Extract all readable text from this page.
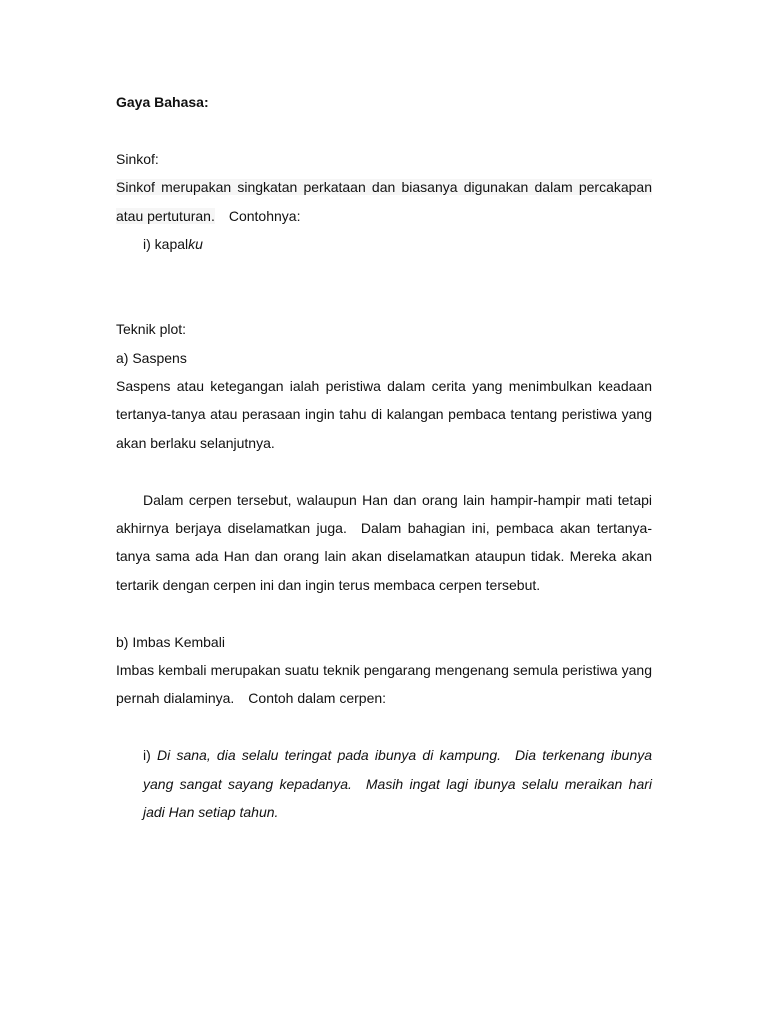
Gaya Bahasa:

Sinkof:

Sinkof merupakan singkatan perkataan dan biasanya digunakan dalam percakapan atau pertuturan. Contohnya:

i) kapalku

Teknik plot:

a) Saspens

Saspens atau ketegangan ialah peristiwa dalam cerita yang menimbulkan keadaan tertanya-tanya atau perasaan ingin tahu di kalangan pembaca tentang peristiwa yang akan berlaku selanjutnya.

Dalam cerpen tersebut, walaupun Han dan orang lain hampir-hampir mati tetapi akhirnya berjaya diselamatkan juga. Dalam bahagian ini, pembaca akan tertanya-tanya sama ada Han dan orang lain akan diselamatkan ataupun tidak. Mereka akan tertarik dengan cerpen ini dan ingin terus membaca cerpen tersebut.

b) Imbas Kembali

Imbas kembali merupakan suatu teknik pengarang mengenang semula peristiwa yang pernah dialaminya. Contoh dalam cerpen:

i) Di sana, dia selalu teringat pada ibunya di kampung. Dia terkenang ibunya yang sangat sayang kepadanya. Masih ingat lagi ibunya selalu meraikan hari jadi Han setiap tahun.
